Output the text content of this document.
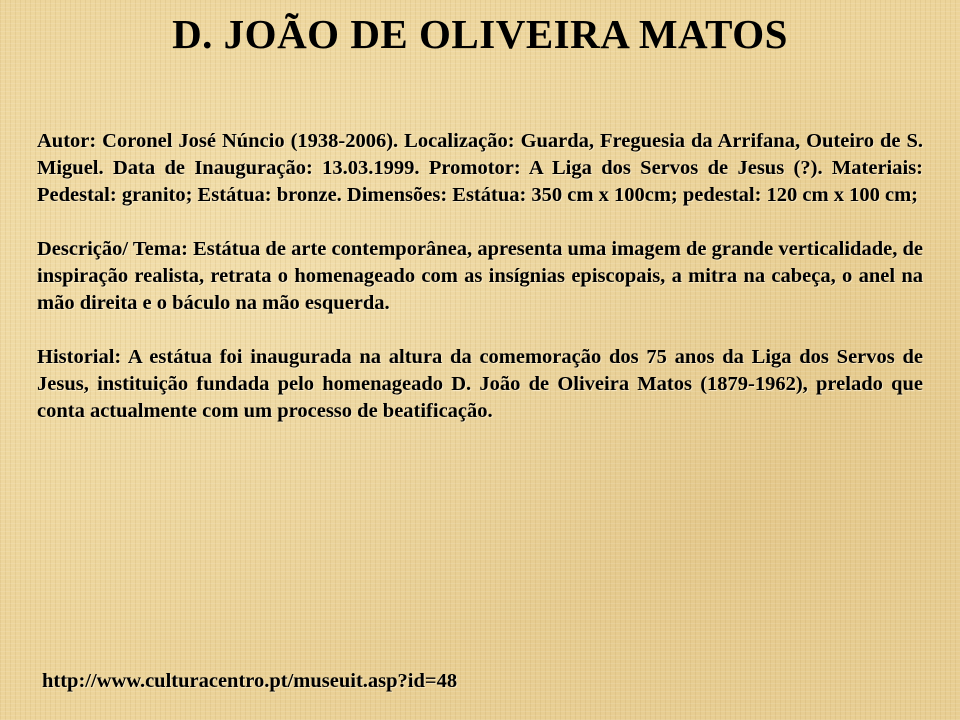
D. JOÃO DE OLIVEIRA MATOS

Autor: Coronel José Núncio (1938-2006). Localização: Guarda, Freguesia da Arrifana, Outeiro de S. Miguel. Data de Inauguração: 13.03.1999. Promotor: A Liga dos Servos de Jesus (?). Materiais: Pedestal: granito; Estátua: bronze. Dimensões: Estátua: 350 cm x 100cm; pedestal: 120 cm x 100 cm;

Descrição/ Tema: Estátua de arte contemporânea, apresenta uma imagem de grande verticalidade, de inspiração realista, retrata o homenageado com as insígnias episcopais, a mitra na cabeça, o anel na mão direita e o báculo na mão esquerda.

Historial: A estátua foi inaugurada na altura da comemoração dos 75 anos da Liga dos Servos de Jesus, instituição fundada pelo homenageado D. João de Oliveira Matos (1879-1962), prelado que conta actualmente com um processo de beatificação.

http://www.culturacentro.pt/museuit.asp?id=48
